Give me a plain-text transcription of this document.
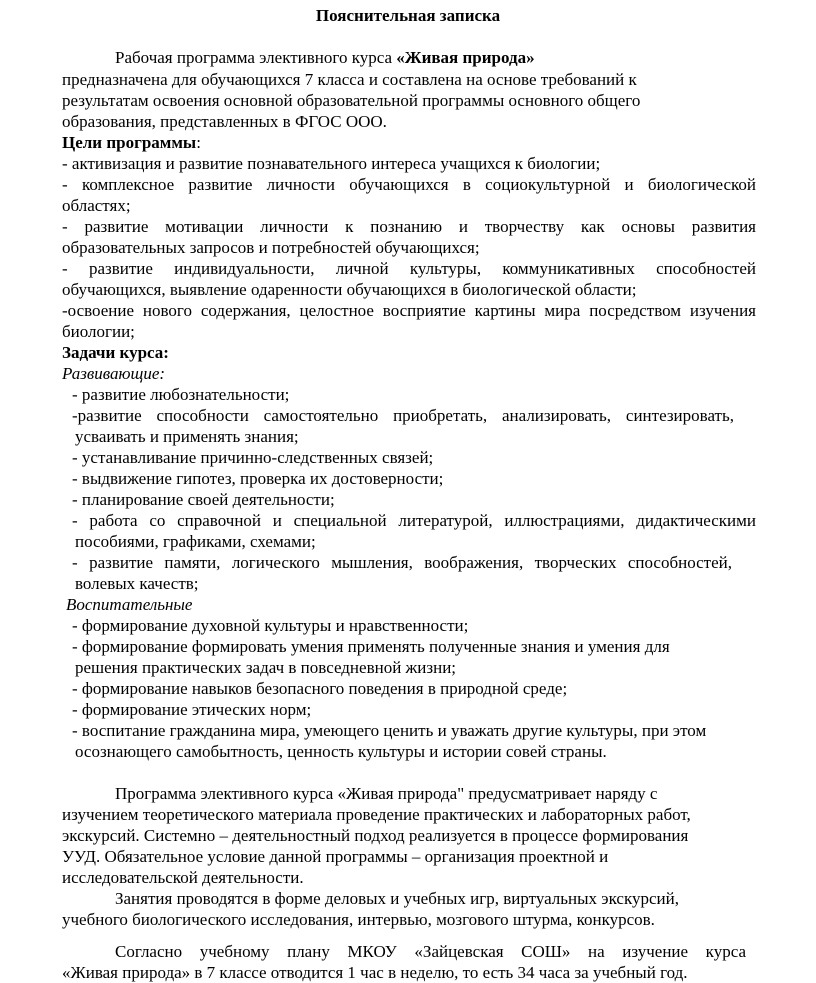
Пояснительная записка
Рабочая программа элективного курса «Живая природа»
предназначена для обучающихся 7 класса и составлена на основе требований к
результатам освоения основной образовательной программы основного общего
образования, представленных в ФГОС ООО.
Цели программы:
- активизация и развитие познавательного интереса учащихся к биологии;
- комплексное развитие личности обучающихся в социокультурной и биологической
областях;
- развитие мотивации личности к познанию и творчеству как основы развития
образовательных запросов и потребностей обучающихся;
- развитие индивидуальности, личной культуры, коммуникативных способностей
обучающихся, выявление одаренности обучающихся в биологической области;
-освоение нового содержания, целостное восприятие картины мира посредством изучения
биологии;
Задачи курса:
Развивающие:
- развитие любознательности;
-развитие способности самостоятельно приобретать, анализировать, синтезировать,
усваивать и применять знания;
- устанавливание причинно-следственных связей;
- выдвижение гипотез, проверка их достоверности;
- планирование своей деятельности;
- работа со справочной и специальной литературой, иллюстрациями, дидактическими
пособиями, графиками, схемами;
- развитие памяти, логического мышления, воображения, творческих способностей,
волевых качеств;
Воспитательные
- формирование духовной культуры и нравственности;
- формирование формировать умения применять полученные знания и умения для
решения практических задач в повседневной жизни;
- формирование навыков безопасного поведения в природной среде;
- формирование этических норм;
- воспитание гражданина мира, умеющего ценить и уважать другие культуры, при этом
осознающего самобытность, ценность культуры и истории совей страны.
Программа элективного курса «Живая природа" предусматривает наряду с
изучением теоретического материала проведение практических и лабораторных работ,
экскурсий. Системно – деятельностный подход реализуется в процессе формирования
УУД. Обязательное условие данной программы – организация проектной и
исследовательской деятельности.
Занятия проводятся в форме деловых и учебных игр, виртуальных экскурсий,
учебного биологического исследования, интервью, мозгового штурма, конкурсов.
Согласно учебному плану МКОУ «Зайцевская СОШ» на изучение курса
«Живая природа» в 7 классе отводится 1 час в неделю, то есть 34 часа за учебный год.
